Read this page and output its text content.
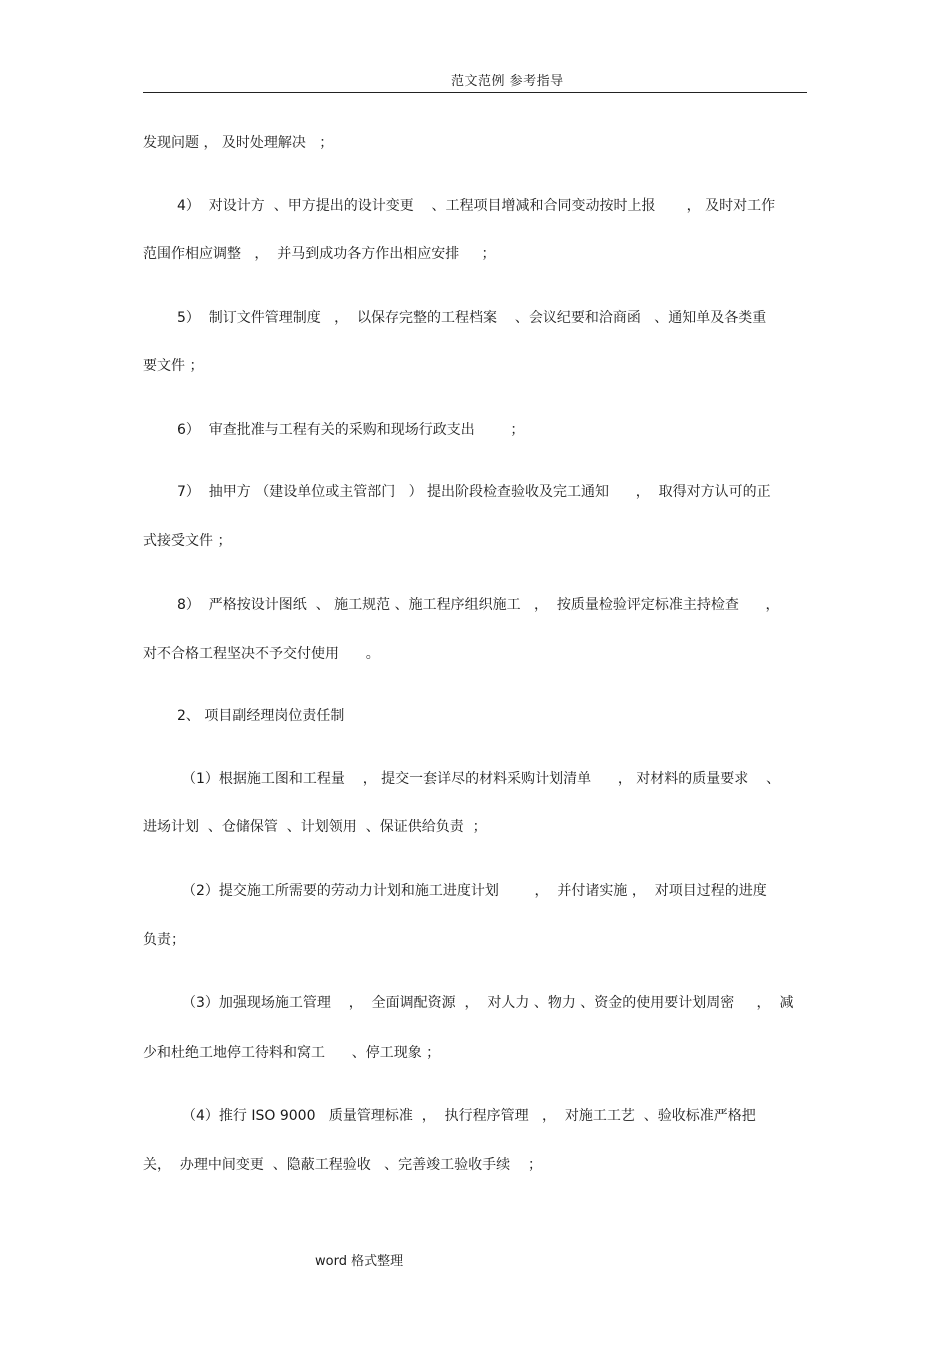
范文范例 参考指导
发现问题 ， 及时处理解决   ；
4）  对设计方  、甲方提出的设计变更    、工程项目增减和合同变动按时上报       ， 及时对工作
范围作相应调整   ，  并马到成功各方作出相应安排     ；
5）  制订文件管理制度   ，  以保存完整的工程档案    、会议纪要和洽商函   、通知单及各类重
要文件 ；
6）  审查批准与工程有关的采购和现场行政支出        ；
7）  抽甲方 （建设单位或主管部门   ） 提出阶段检查验收及完工通知      ，  取得对方认可的正
式接受文件 ；
8）  严格按设计图纸  、 施工规范 、施工程序组织施工   ，  按质量检验评定标准主持检查      ，
对不合格工程坚决不予交付使用      。
2、 项目副经理岗位责任制
（1）根据施工图和工程量    ， 提交一套详尽的材料采购计划清单      ， 对材料的质量要求    、
进场计划  、仓储保管  、计划领用  、保证供给负责  ；
（2）提交施工所需要的劳动力计划和施工进度计划        ，  并付诸实施 ，  对项目过程的进度
负责；
（3）加强现场施工管理    ，  全面调配资源  ，  对人力 、物力 、资金的使用要计划周密     ，  减
少和杜绝工地停工待料和窝工      、停工现象 ；
（4）推行 ISO 9000   质量管理标准  ，  执行程序管理   ，  对施工工艺  、验收标准严格把
关，  办理中间变更  、隐蔽工程验收   、完善竣工验收手续    ；
word 格式整理
